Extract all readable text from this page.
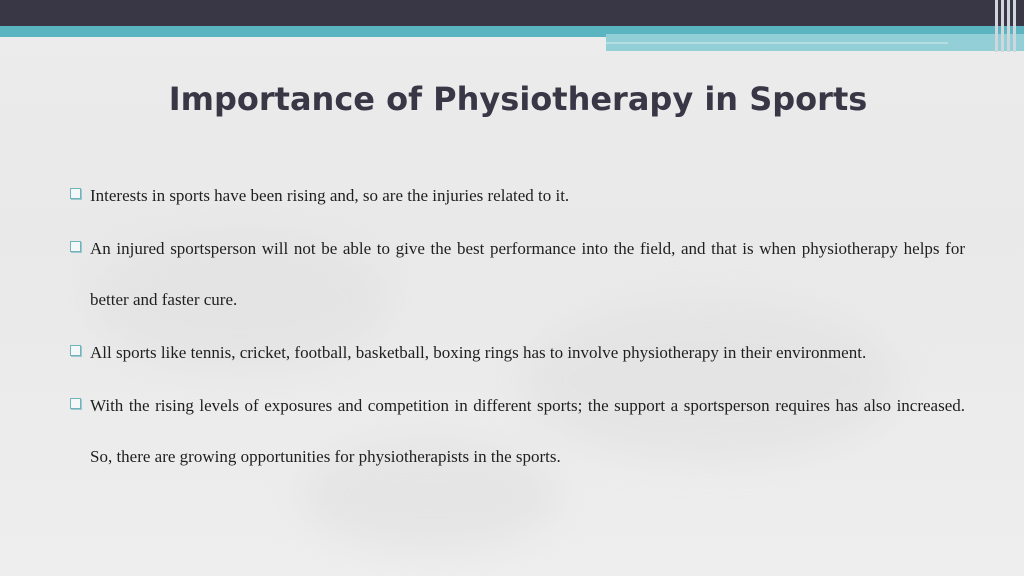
Importance of Physiotherapy in Sports
Interests in sports have been rising and, so are the injuries related to it.
An injured sportsperson will not be able to give the best performance into the field, and that is when physiotherapy helps for better and faster cure.
All sports like tennis, cricket, football, basketball, boxing rings has to involve physiotherapy in their environment.
With the rising levels of exposures and competition in different sports; the support a sportsperson requires has also increased. So, there are growing opportunities for physiotherapists in the sports.
